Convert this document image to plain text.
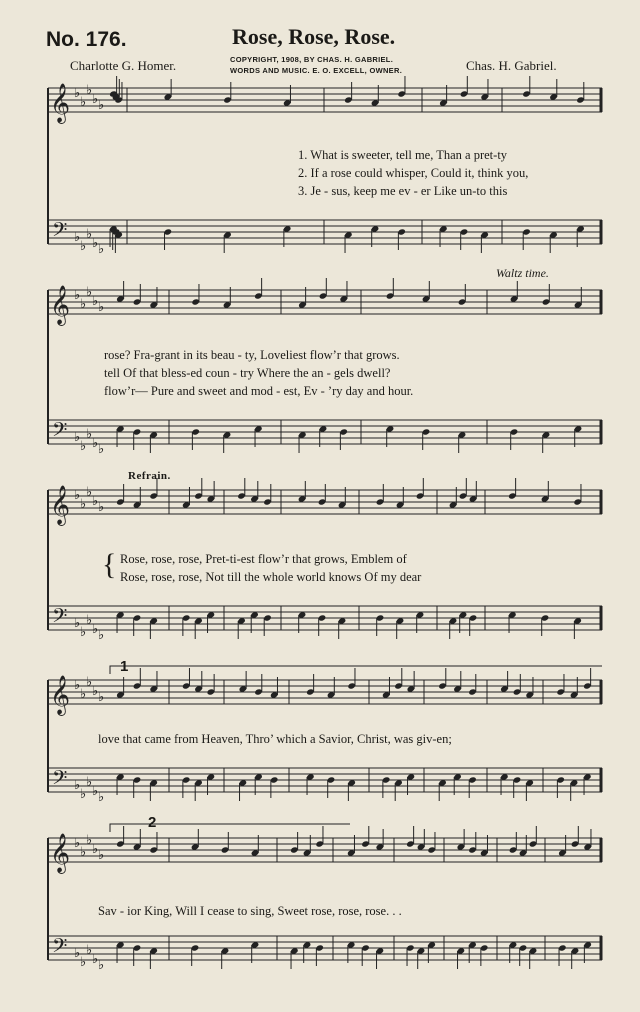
No. 176.	Rose, Rose, Rose.
COPYRIGHT, 1908, BY CHAS. H. GABRIEL.
WORDS AND MUSIC. E. O. EXCELL, OWNER.
Charlotte G. Homer.	Chas. H. Gabriel.
𝄞
𝄢
♭
♭
♭
♭ ♭
♭
♭
♭
♭ ♭
1. What is sweeter, tell me, Than a pret-ty
2. If a rose could whisper, Could it, think you,
3. Je - sus, keep me ev - er Like un-to this
Waltz time.
𝄞
𝄢
♭
♭
♭
♭ ♭
♭
♭
♭
♭ ♭
rose? Fra-grant in its beau - ty, Loveliest flow’r that grows.
tell Of that bless-ed coun - try Where the an - gels dwell?
flow’r— Pure and sweet and mod - est, Ev - ’ry day and hour.
Refrain.
𝄞
𝄢
♭
♭
♭
♭ ♭
♭
♭
♭
♭ ♭
{ Rose, rose, rose, Pret-ti-est flow’r that grows, Emblem of
Rose, rose, rose, Not till the whole world knows Of my dear
𝄞
𝄢
♭
♭
♭
♭ ♭
♭
♭
♭
♭ ♭
1
love that came from Heaven, Thro’ which a Savior, Christ, was giv-en;
𝄞
𝄢
♭
♭
♭
♭ ♭
♭
♭
♭
♭ ♭
2
Sav - ior King, Will I cease to sing, Sweet rose, rose, rose. . .
